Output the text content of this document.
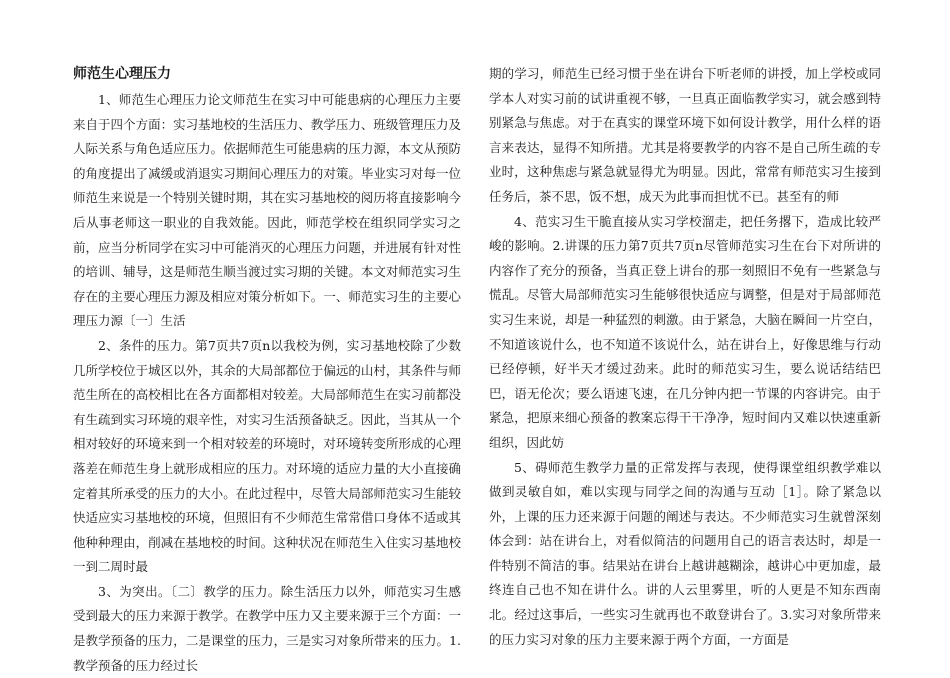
师范生心理压力

1、师范生心理压力论文师范生在实习中可能患病的心理压力主要来自于四个方面：实习基地校的生活压力、教学压力、班级管理压力及人际关系与角色适应压力。依据师范生可能患病的压力源，本文从预防的角度提出了减缓或消退实习期间心理压力的对策。毕业实习对每一位师范生来说是一个特别关键时期，其在实习基地校的阅历将直接影响今后从事老师这一职业的自我效能。因此，师范学校在组织同学实习之前，应当分析同学在实习中可能消灭的心理压力问题，并进展有针对性的培训、辅导，这是师范生顺当渡过实习期的关键。本文对师范实习生存在的主要心理压力源及相应对策分析如下。一、师范实习生的主要心理压力源〔一〕生活

2、条件的压力。第7页共7页n以我校为例，实习基地校除了少数几所学校位于城区以外，其余的大局部都位于偏远的山村，其条件与师范生所在的高校相比在各方面都相对较差。大局部师范生在实习前都没有生疏到实习环境的艰辛性，对实习生活预备缺乏。因此，当其从一个相对较好的环境来到一个相对较差的环境时，对环境转变所形成的心理落差在师范生身上就形成相应的压力。对环境的适应力量的大小直接确定着其所承受的压力的大小。在此过程中，尽管大局部师范实习生能较快适应实习基地校的环境，但照旧有不少师范生常常借口身体不适或其他种种理由，削减在基地校的时间。这种状况在师范生入住实习基地校一到二周时最

3、为突出。〔二〕教学的压力。除生活压力以外，师范实习生感受到最大的压力来源于教学。在教学中压力又主要来源于三个方面：一是教学预备的压力，二是课堂的压力，三是实习对象所带来的压力。1.教学预备的压力经过长

期的学习，师范生已经习惯于坐在讲台下听老师的讲授，加上学校或同学本人对实习前的试讲重视不够，一旦真正面临教学实习，就会感到特别紧急与焦虑。对于在真实的课堂环境下如何设计教学，用什么样的语言来表达，显得不知所措。尤其是将要教学的内容不是自己所生疏的专业时，这种焦虑与紧急就显得尤为明显。因此，常常有师范实习生接到任务后，茶不思，饭不想，成天为此事而担忧不已。甚至有的师

4、范实习生干脆直接从实习学校溜走，把任务撂下，造成比较严峻的影响。2.讲课的压力第7页共7页n尽管师范实习生在台下对所讲的内容作了充分的预备，当真正登上讲台的那一刻照旧不免有一些紧急与慌乱。尽管大局部师范实习生能够很快适应与调整，但是对于局部师范实习生来说，却是一种猛烈的刺激。由于紧急，大脑在瞬间一片空白，不知道该说什么，也不知道不该说什么，站在讲台上，好像思维与行动已经停顿，好半天才缓过劲来。此时的师范实习生，要么说话结结巴巴，语无伦次；要么语速飞速，在几分钟内把一节课的内容讲完。由于紧急，把原来细心预备的教案忘得干干净净，短时间内又难以快速重新组织，因此妨

5、碍师范生教学力量的正常发挥与表现，使得课堂组织教学难以做到灵敏自如，难以实现与同学之间的沟通与互动［1］。除了紧急以外，上课的压力还来源于问题的阐述与表达。不少师范实习生就曾深刻体会到：站在讲台上，对看似简洁的问题用自己的语言表达时，却是一件特别不简洁的事。结果站在讲台上越讲越糊涂，越讲心中更加虚，最终连自己也不知在讲什么。讲的人云里雾里，听的人更是不知东西南北。经过这事后，一些实习生就再也不敢登讲台了。3.实习对象所带来的压力实习对象的压力主要来源于两个方面，一方面是
